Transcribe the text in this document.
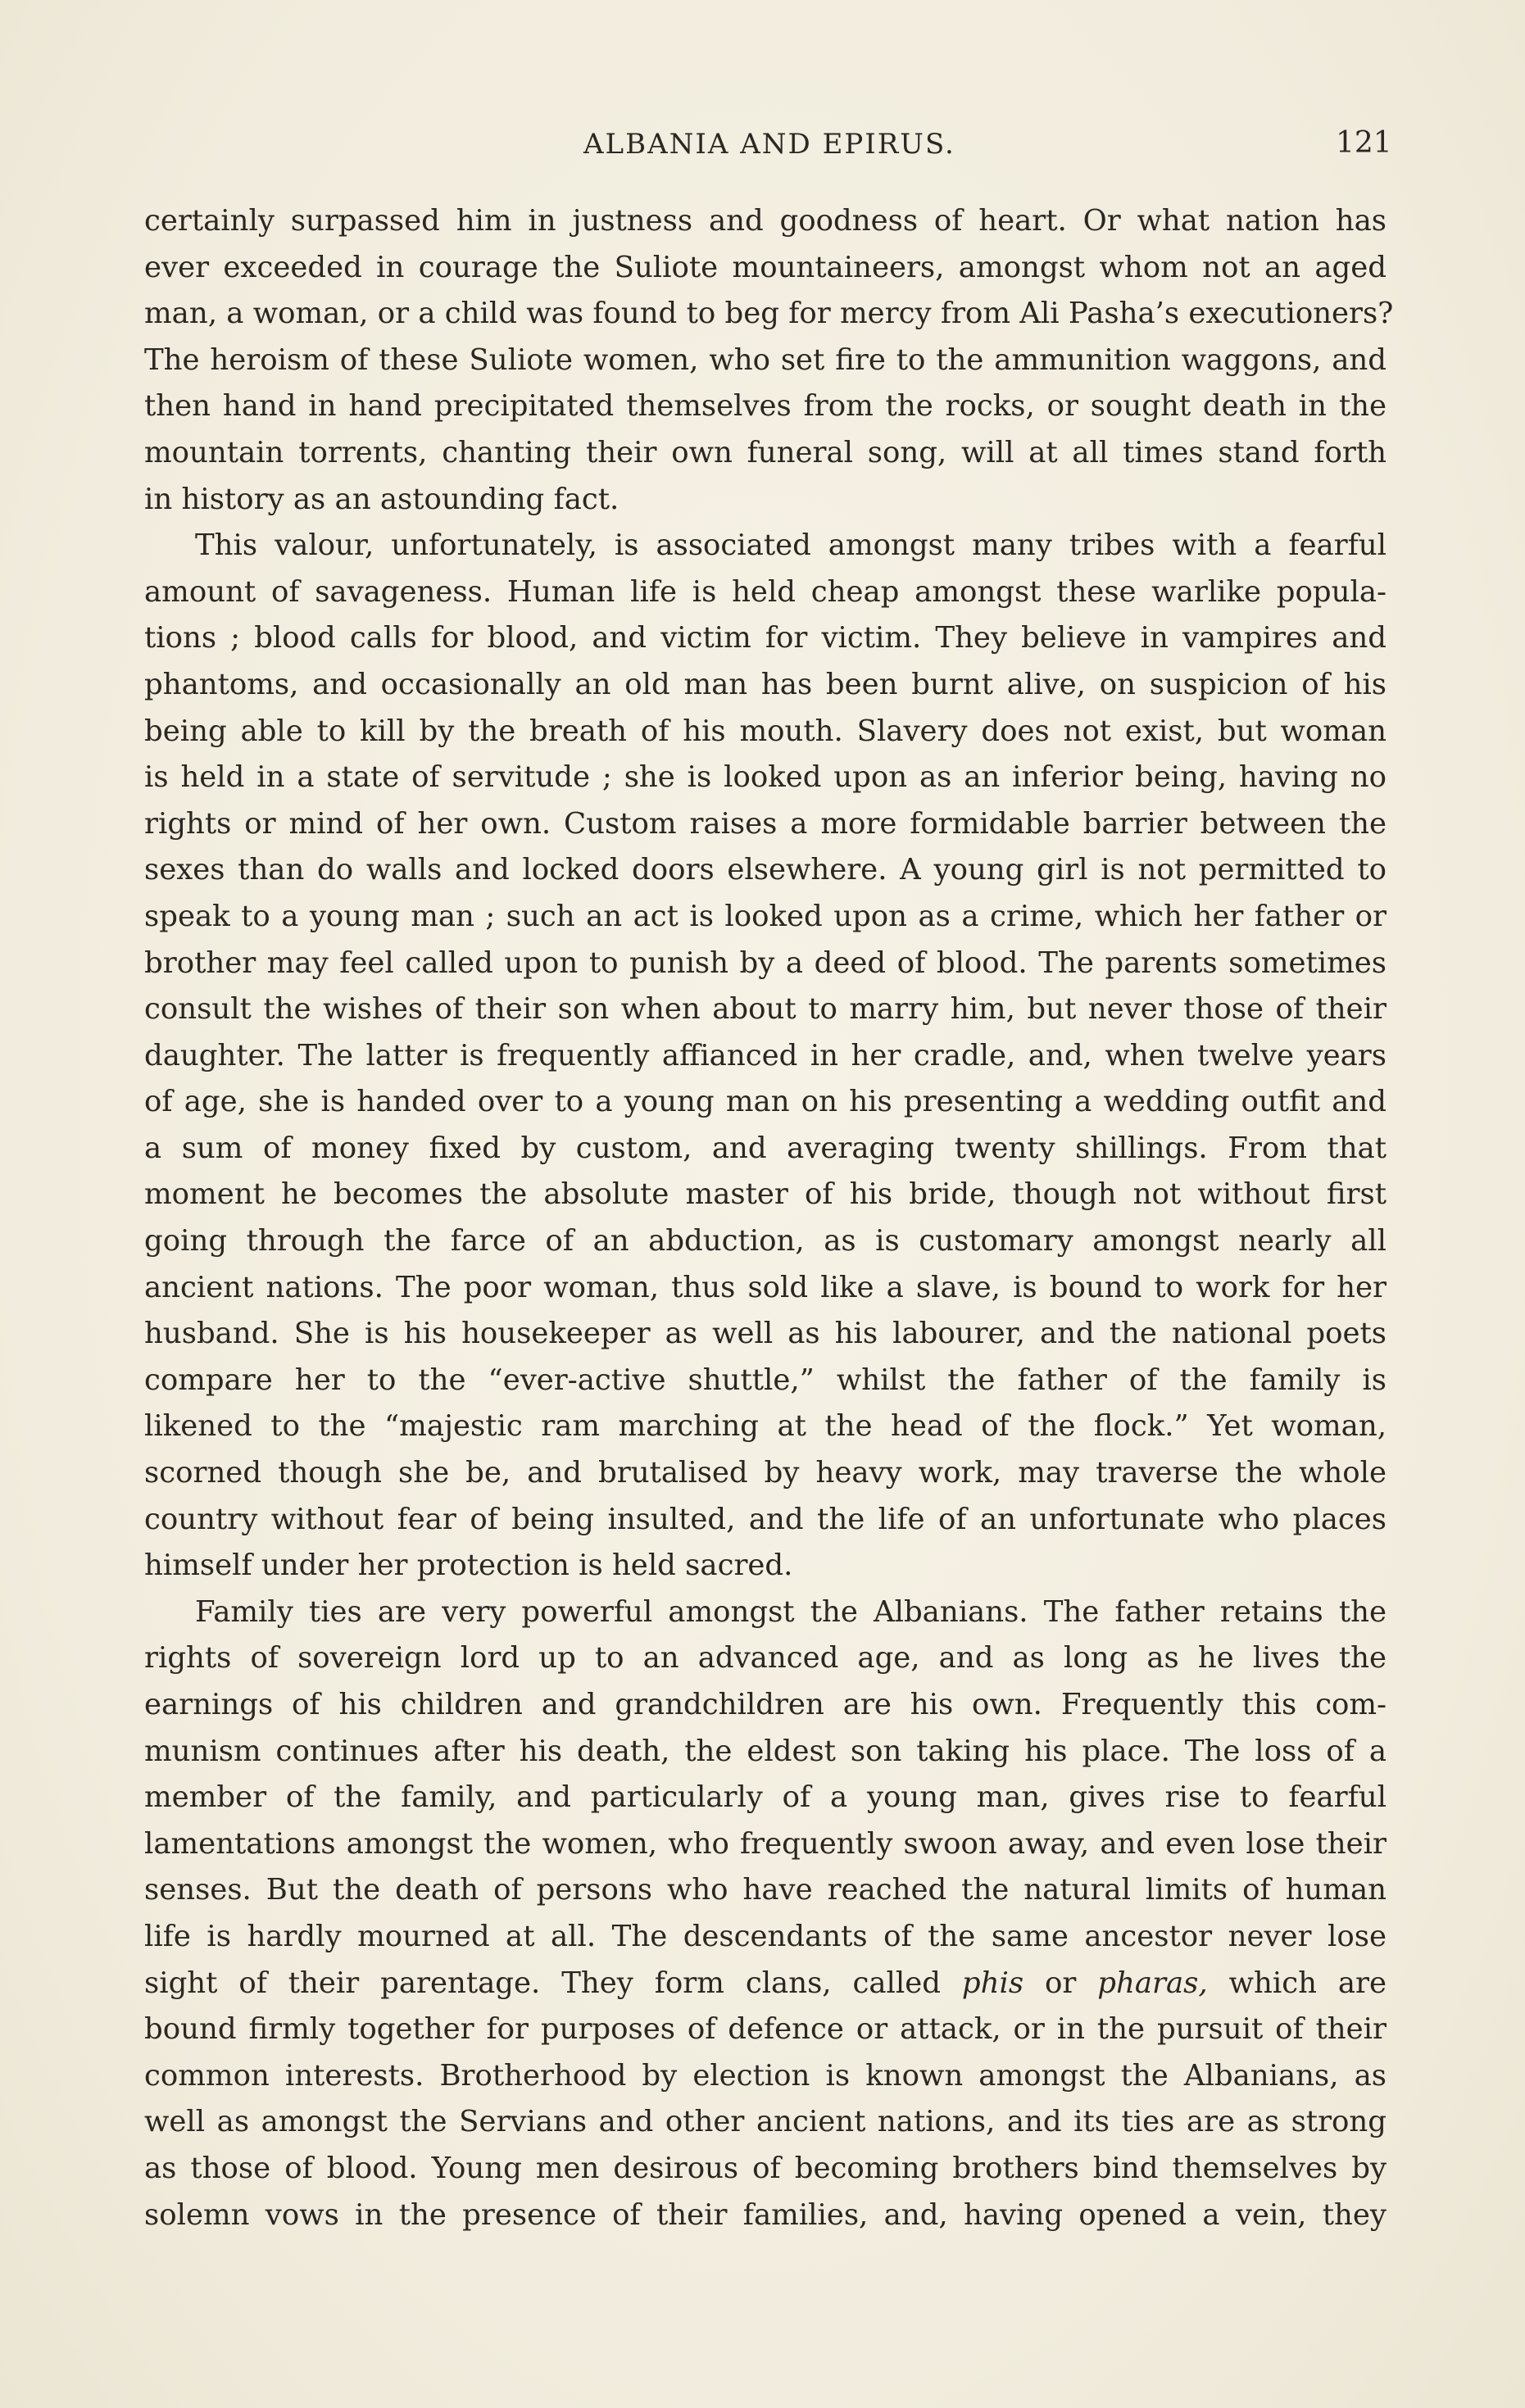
ALBANIA AND EPIRUS.	121

certainly surpassed him in justness and goodness of heart. Or what nation has
ever exceeded in courage the Suliote mountaineers, amongst whom not an aged
man, a woman, or a child was found to beg for mercy from Ali Pasha’s executioners?
The heroism of these Suliote women, who set fire to the ammunition waggons, and
then hand in hand precipitated themselves from the rocks, or sought death in the
mountain torrents, chanting their own funeral song, will at all times stand forth
in history as an astounding fact.

This valour, unfortunately, is associated amongst many tribes with a fearful
amount of savageness. Human life is held cheap amongst these warlike popula-
tions ; blood calls for blood, and victim for victim. They believe in vampires and
phantoms, and occasionally an old man has been burnt alive, on suspicion of his
being able to kill by the breath of his mouth. Slavery does not exist, but woman
is held in a state of servitude ; she is looked upon as an inferior being, having no
rights or mind of her own. Custom raises a more formidable barrier between the
sexes than do walls and locked doors elsewhere. A young girl is not permitted to
speak to a young man ; such an act is looked upon as a crime, which her father or
brother may feel called upon to punish by a deed of blood. The parents sometimes
consult the wishes of their son when about to marry him, but never those of their
daughter. The latter is frequently affianced in her cradle, and, when twelve years
of age, she is handed over to a young man on his presenting a wedding outfit and
a sum of money fixed by custom, and averaging twenty shillings. From that
moment he becomes the absolute master of his bride, though not without first
going through the farce of an abduction, as is customary amongst nearly all
ancient nations. The poor woman, thus sold like a slave, is bound to work for her
husband. She is his housekeeper as well as his labourer, and the national poets
compare her to the “ever-active shuttle,” whilst the father of the family is
likened to the “majestic ram marching at the head of the flock.” Yet woman,
scorned though she be, and brutalised by heavy work, may traverse the whole
country without fear of being insulted, and the life of an unfortunate who places
himself under her protection is held sacred.

Family ties are very powerful amongst the Albanians. The father retains the
rights of sovereign lord up to an advanced age, and as long as he lives the
earnings of his children and grandchildren are his own. Frequently this com-
munism continues after his death, the eldest son taking his place. The loss of a
member of the family, and particularly of a young man, gives rise to fearful
lamentations amongst the women, who frequently swoon away, and even lose their
senses. But the death of persons who have reached the natural limits of human
life is hardly mourned at all. The descendants of the same ancestor never lose
sight of their parentage. They form clans, called phis or pharas, which are
bound firmly together for purposes of defence or attack, or in the pursuit of their
common interests. Brotherhood by election is known amongst the Albanians, as
well as amongst the Servians and other ancient nations, and its ties are as strong
as those of blood. Young men desirous of becoming brothers bind themselves by
solemn vows in the presence of their families, and, having opened a vein, they
